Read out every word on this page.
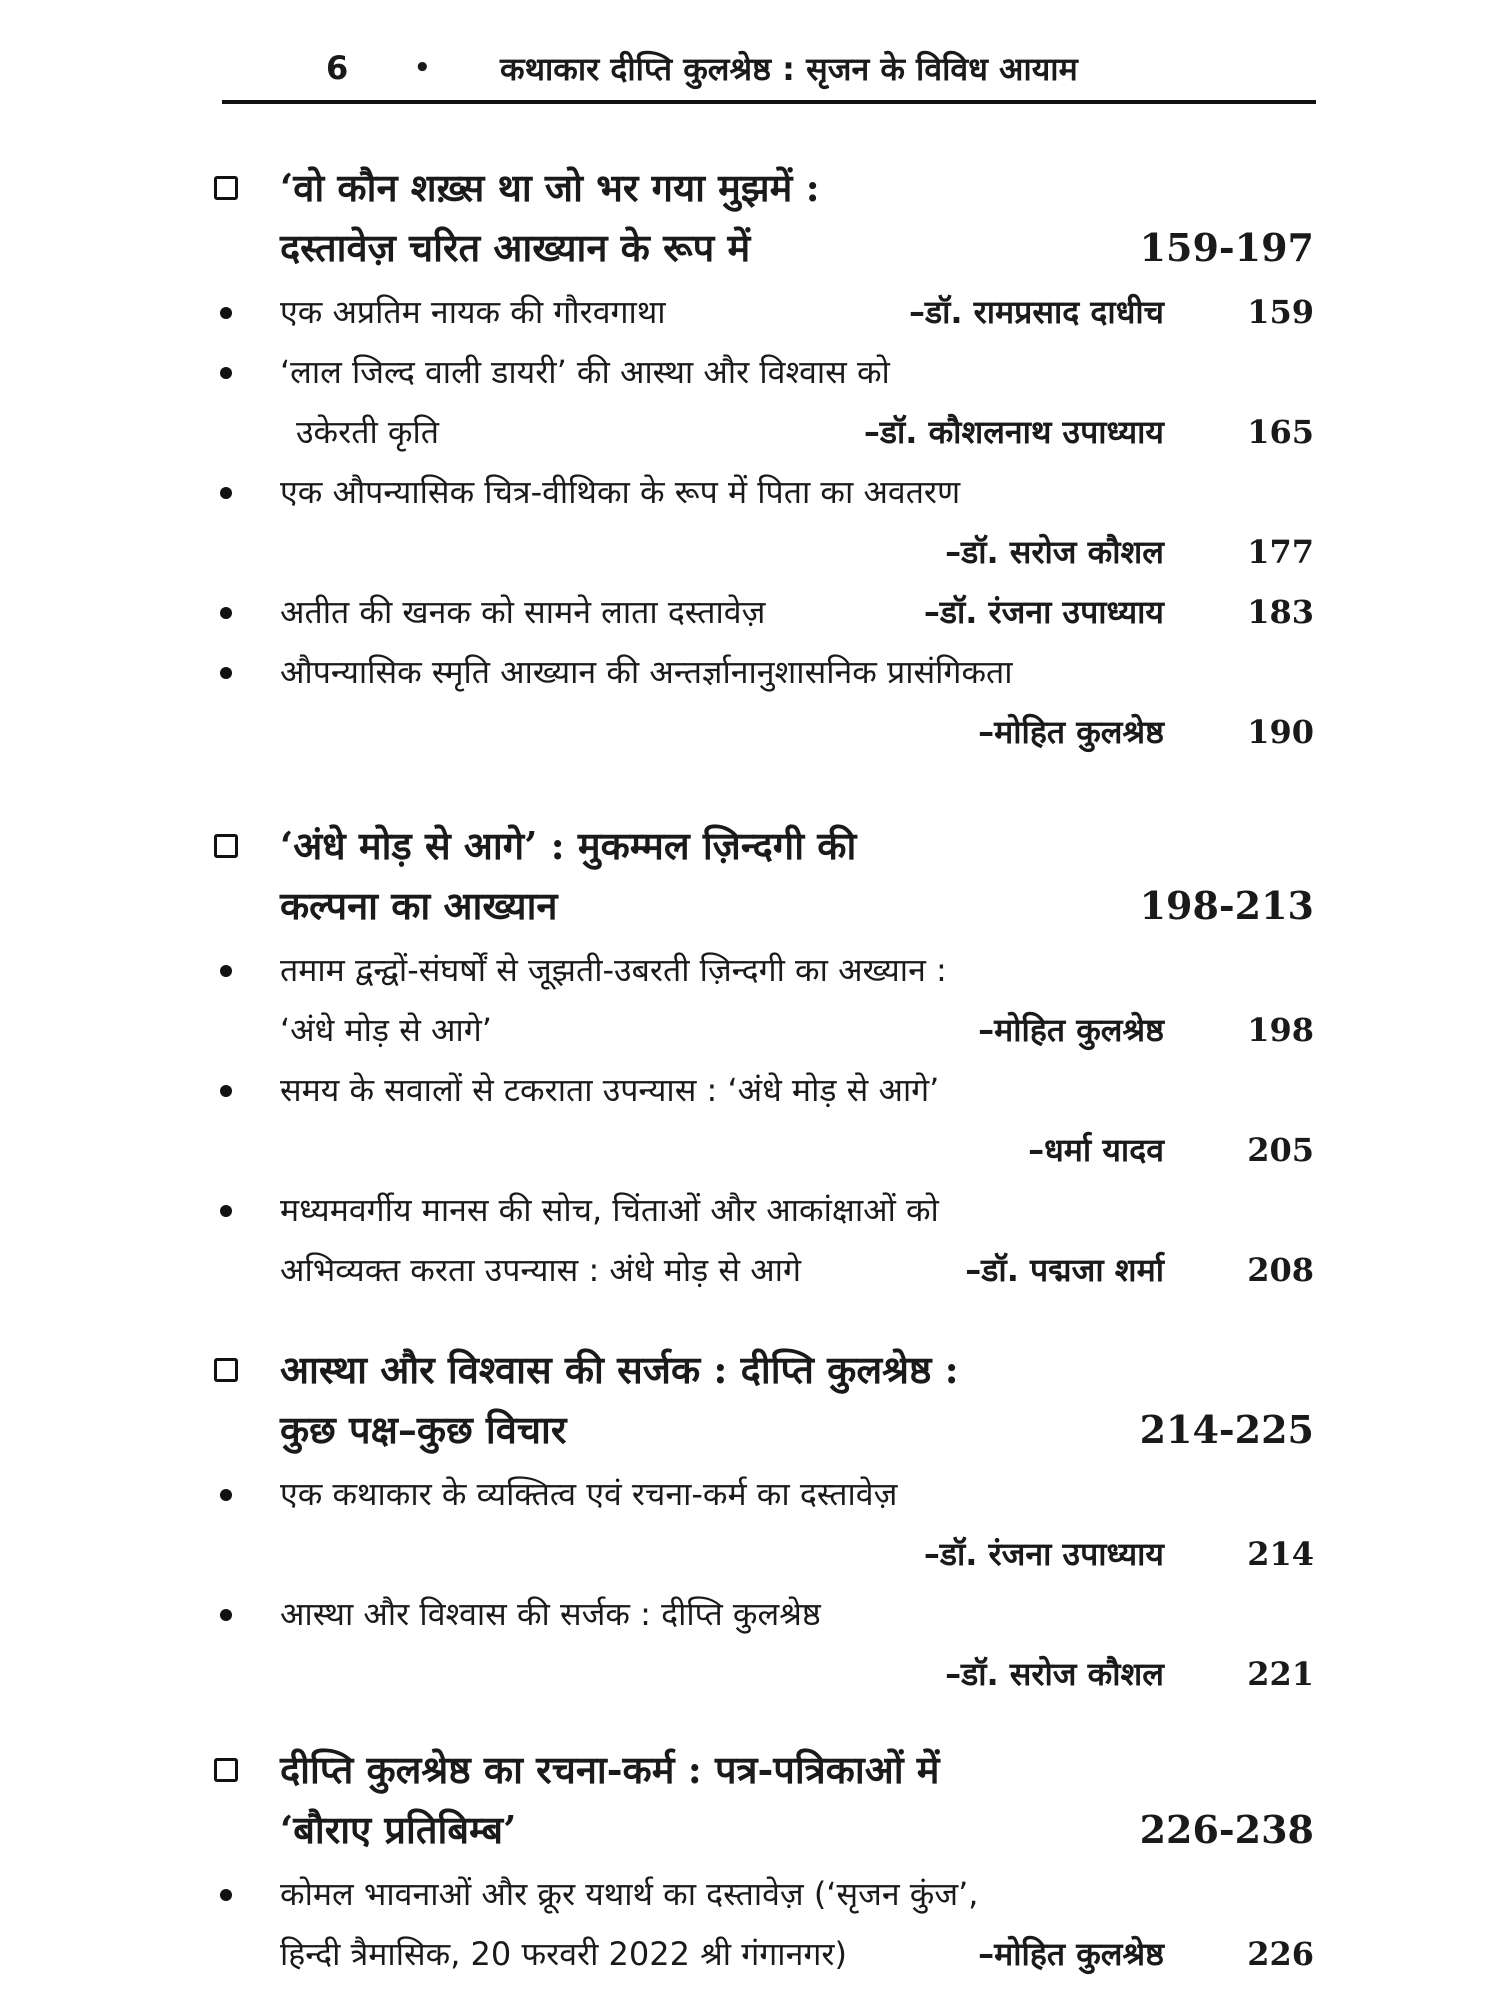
6	• कथाकार दीप्ति कुलश्रेष्ठ : सृजन के विविध आयाम
‘वो कौन शख़्स था जो भर गया मुझमें :
दस्तावेज़ चरित आख्यान के रूप में	159-197
एक अप्रतिम नायक की गौरवगाथा	–डॉ. रामप्रसाद दाधीच	159
‘लाल जिल्द वाली डायरी’ की आस्था और विश्वास को
उकेरती कृति	–डॉ. कौशलनाथ उपाध्याय	165
एक औपन्यासिक चित्र-वीथिका के रूप में पिता का अवतरण
–डॉ. सरोज कौशल	177
अतीत की खनक को सामने लाता दस्तावेज़	–डॉ. रंजना उपाध्याय	183
औपन्यासिक स्मृति आख्यान की अन्तर्ज्ञानानुशासनिक प्रासंगिकता
–मोहित कुलश्रेष्ठ	190
‘अंधे मोड़ से आगे’ : मुकम्मल ज़िन्दगी की
कल्पना का आख्यान	198-213
तमाम द्वन्द्वों-संघर्षों से जूझती-उबरती ज़िन्दगी का अख्यान :
‘अंधे मोड़ से आगे’	–मोहित कुलश्रेष्ठ	198
समय के सवालों से टकराता उपन्यास : ‘अंधे मोड़ से आगे’
–धर्मा यादव	205
मध्यमवर्गीय मानस की सोच, चिंताओं और आकांक्षाओं को
अभिव्यक्त करता उपन्यास : अंधे मोड़ से आगे	–डॉ. पद्मजा शर्मा	208
आस्था और विश्वास की सर्जक : दीप्ति कुलश्रेष्ठ :
कुछ पक्ष–कुछ विचार	214-225
एक कथाकार के व्यक्तित्व एवं रचना-कर्म का दस्तावेज़
–डॉ. रंजना उपाध्याय	214
आस्था और विश्वास की सर्जक : दीप्ति कुलश्रेष्ठ
–डॉ. सरोज कौशल	221
दीप्ति कुलश्रेष्ठ का रचना-कर्म : पत्र-पत्रिकाओं में
‘बौराए प्रतिबिम्ब’	226-238
कोमल भावनाओं और क्रूर यथार्थ का दस्तावेज़ (‘सृजन कुंज’,
हिन्दी त्रैमासिक, 20 फरवरी 2022 श्री गंगानगर)	–मोहित कुलश्रेष्ठ	226
